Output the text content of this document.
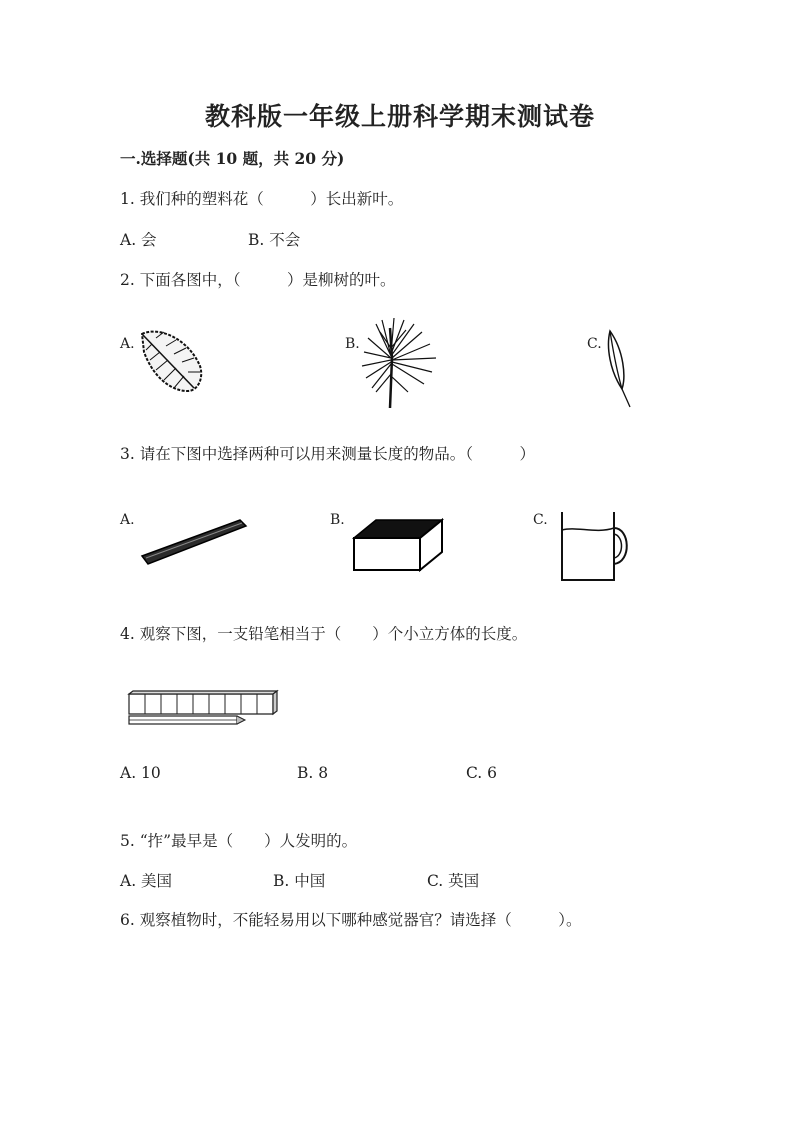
教科版一年级上册科学期末测试卷
一.选择题(共 10 题，共 20 分)
1. 我们种的塑料花（　　　）长出新叶。
A. 会	B. 不会
2. 下面各图中，（　　　）是柳树的叶。
A.	B.	C.
3. 请在下图中选择两种可以用来测量长度的物品。（　　　）
A.	B.	C.
4. 观察下图，一支铅笔相当于（　　）个小立方体的长度。
A. 10	B. 8	C. 6
5. “拃”最早是（　　）人发明的。
A. 美国	B. 中国	C. 英国
6. 观察植物时，不能轻易用以下哪种感觉器官？请选择（　　　）。
